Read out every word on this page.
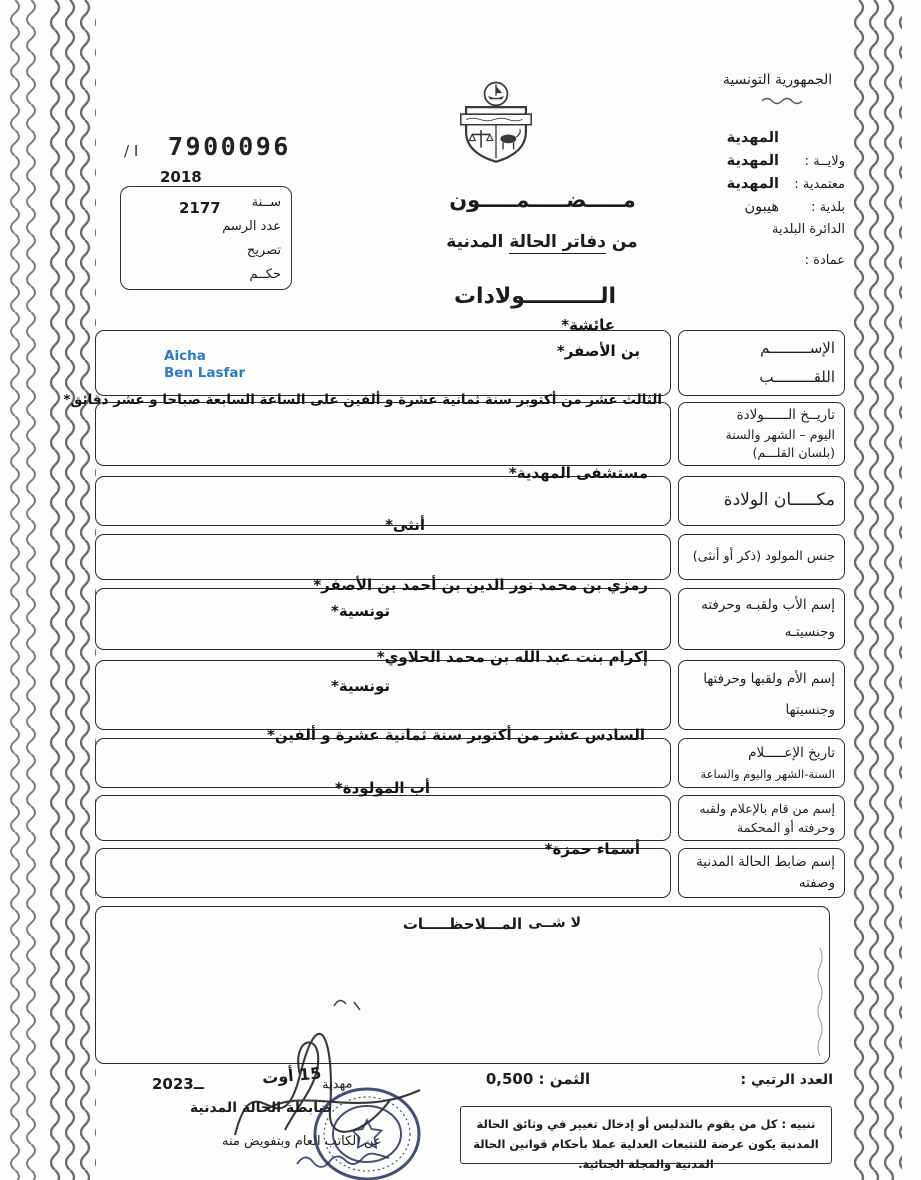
الجمهورية التونسية
المهدية
ولايــة :
المهدية
معتمدية :
المهدية
بلدية :
هيبون
الدائرة البلدية
عمادة :
I / 7900096
2018
ســنة
عدد الرسم
تصريح
حكــم
2177	مـــــضـــــمـــــون
من دفاتر الحالة المدنية
الــــــــــولادات
الإســـــــــم
اللقـــــــــب
عائشة*
بن الأصفر*
Aicha
Ben Lasfar
تاريــخ الــــــولادة
اليوم – الشهر والسنة
(بلسان القلـــم)
الثالث عشر من أكتوبر سنة ثمانية عشرة و ألفين على الساعة السابعة صباحا و عشر دقائق*
مكـــــان الولادة
مستشفى المهدية*
جنس المولود (ذكر أو أنثى)
أنثى*
إسم الأب ولقبـه وحرفته
وجنسيتـه
رمزي بن محمد نور الدين بن أحمد بن الأصفر*
تونسية*
إسم الأم ولقبها وحرفتها
وجنسيتها
إكرام بنت عبد الله بن محمد الحلاوي*
تونسية*
تاريخ الإعـــــلام
السنة-الشهر واليوم والساعة
السادس عشر من أكتوبر سنة ثمانية عشرة و ألفين*
إسم من قام بالإعلام ولقبه
وحرفته أو المحكمة
أب المولودة*
إسم ضابط الحالة المدنية
وصفته
أسماء حمزة*
المـــلاحظـــــات لا شــى
العدد الرتبي :
الثمن : 0,500
مهدية
15 أوت
ــ2023
ضابطة الحالة المدنية
عن الكاتب العام وبتفويض منه
تنبيه : كل من يقوم بالتدليس أو إدخال تغيير في وثائق الحالة المدنية يكون عرضة للتتبعات العدلية عملا بأحكام قوانين الحالة المدنية والمجلة الجنائية.
